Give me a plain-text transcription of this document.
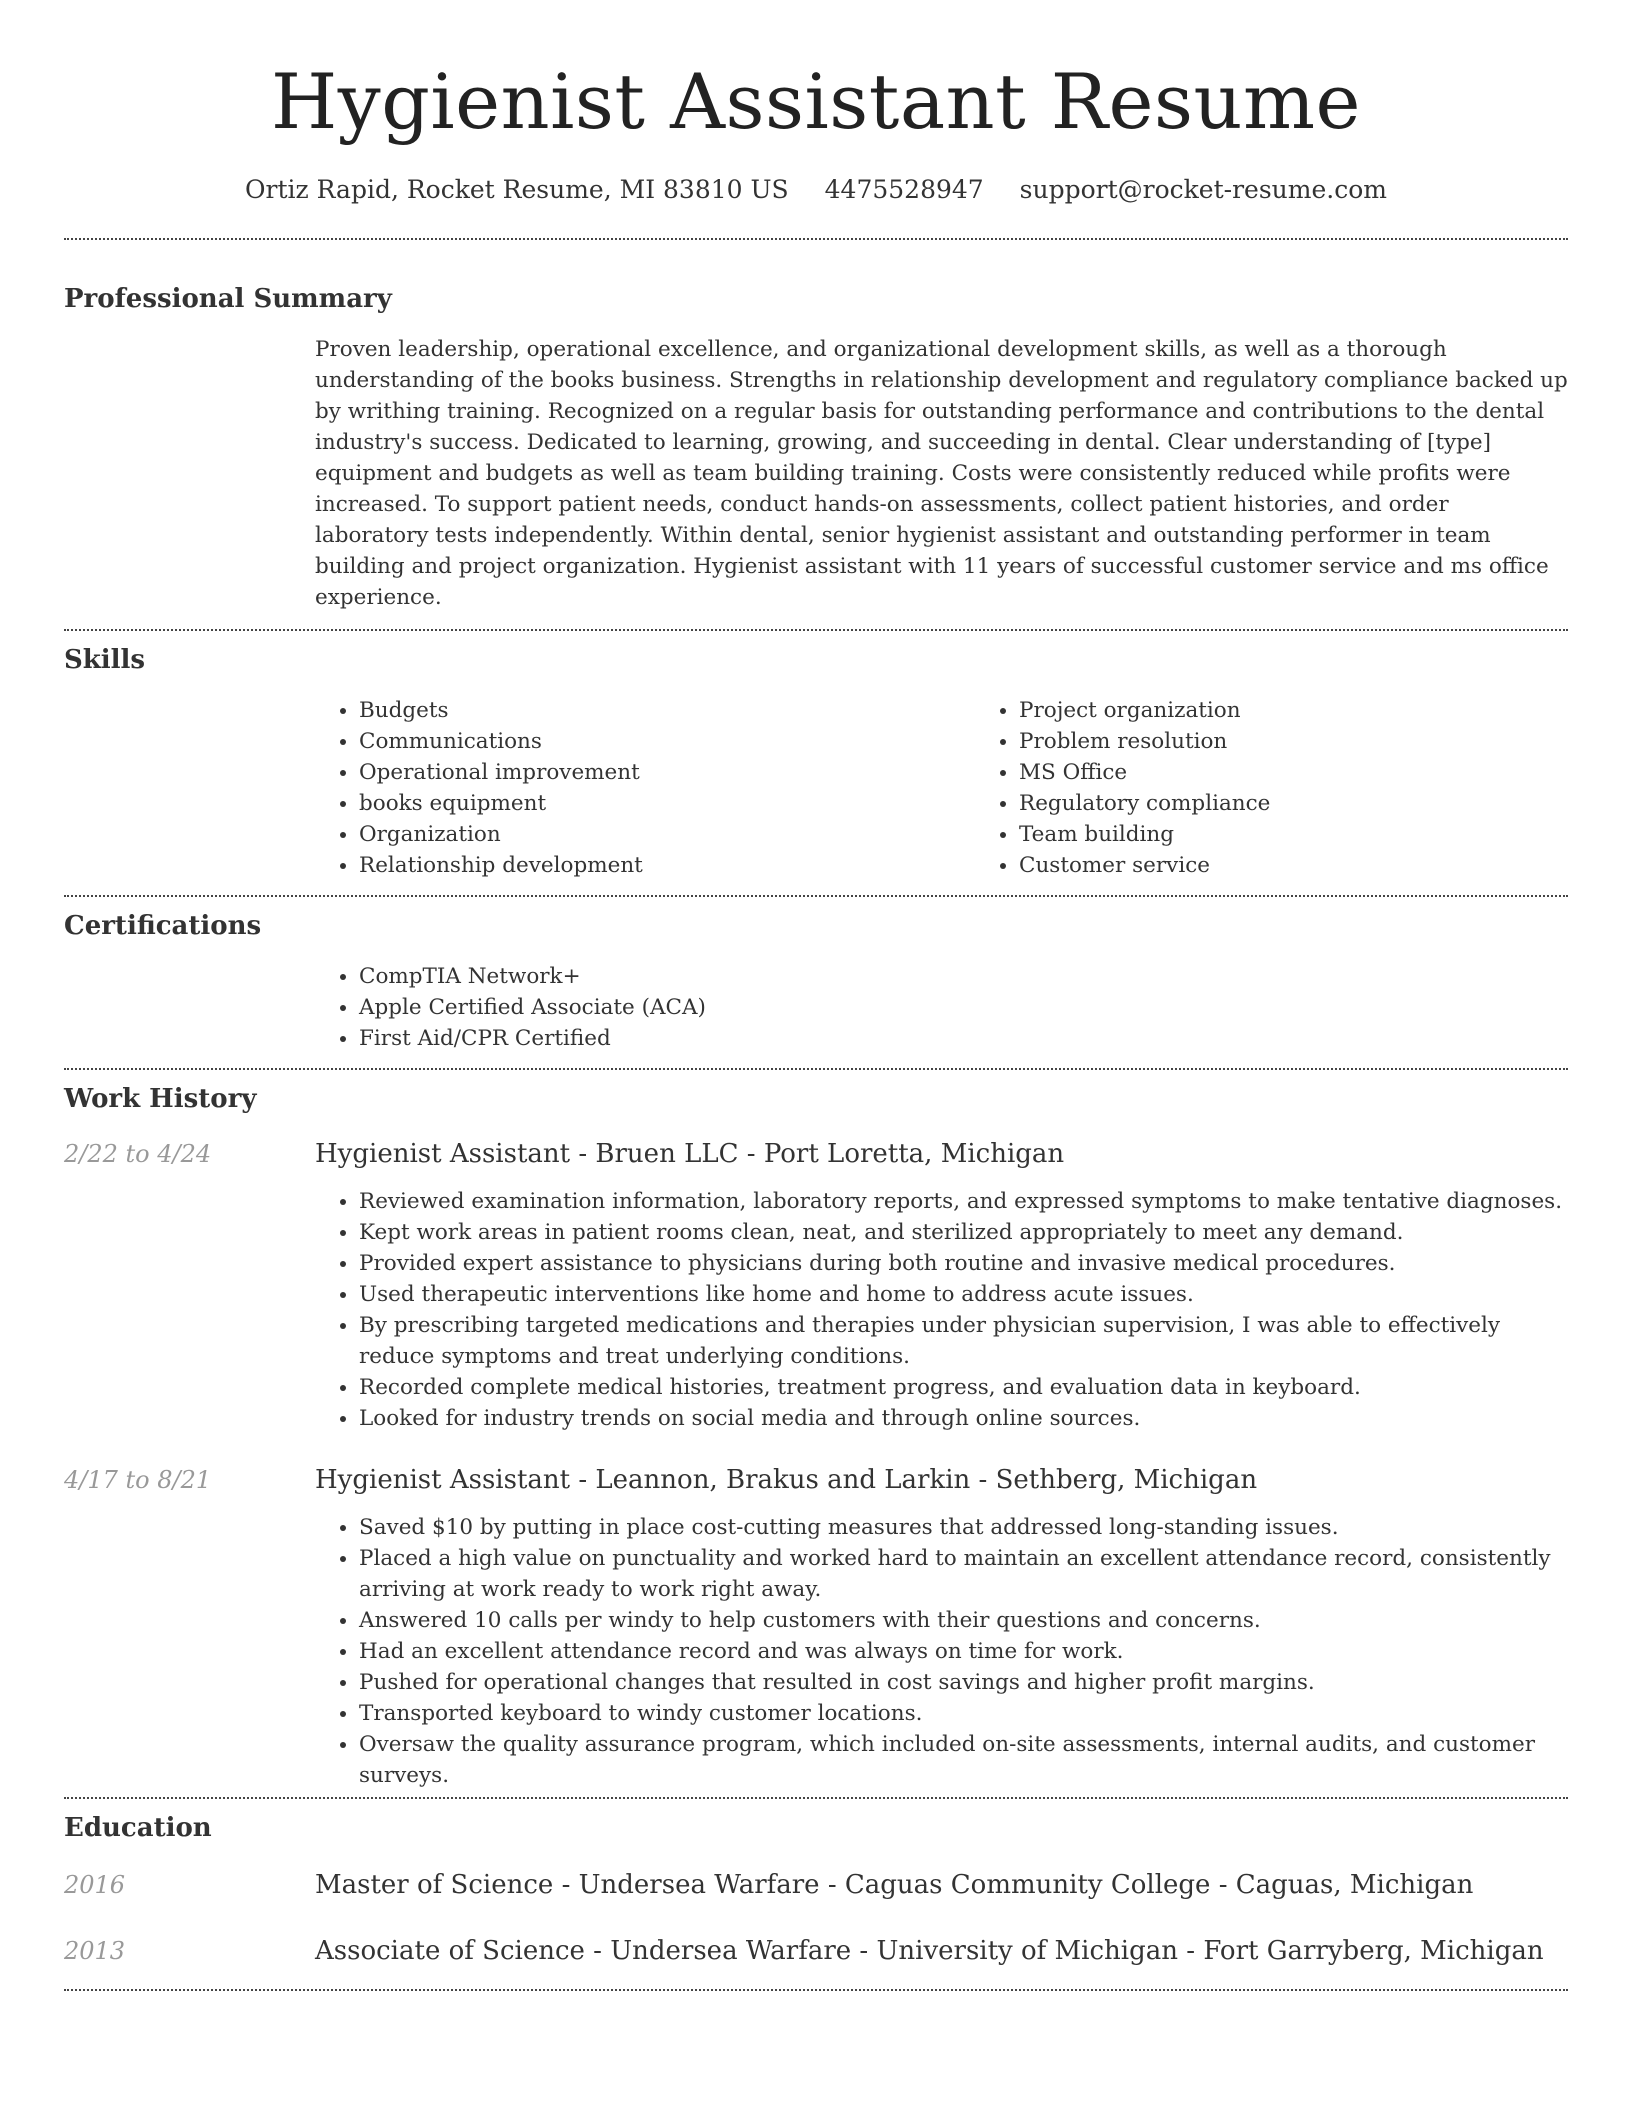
Hygienist Assistant Resume
Ortiz Rapid, Rocket Resume, MI 83810 US 4475528947 support@rocket-resume.com
Professional Summary
Proven leadership, operational excellence, and organizational development skills, as well as a thorough understanding of the books business. Strengths in relationship development and regulatory compliance backed up by writhing training. Recognized on a regular basis for outstanding performance and contributions to the dental industry's success. Dedicated to learning, growing, and succeeding in dental. Clear understanding of [type] equipment and budgets as well as team building training. Costs were consistently reduced while profits were increased. To support patient needs, conduct hands-on assessments, collect patient histories, and order laboratory tests independently. Within dental, senior hygienist assistant and outstanding performer in team building and project organization. Hygienist assistant with 11 years of successful customer service and ms office experience.
Skills
• Budgets
• Communications
• Operational improvement
• books equipment
• Organization
• Relationship development
• Project organization
• Problem resolution
• MS Office
• Regulatory compliance
• Team building
• Customer service
Certifications
• CompTIA Network+
• Apple Certified Associate (ACA)
• First Aid/CPR Certified
Work History
2/22 to 4/24	Hygienist Assistant - Bruen LLC - Port Loretta, Michigan
• Reviewed examination information, laboratory reports, and expressed symptoms to make tentative diagnoses.
• Kept work areas in patient rooms clean, neat, and sterilized appropriately to meet any demand.
• Provided expert assistance to physicians during both routine and invasive medical procedures.
• Used therapeutic interventions like home and home to address acute issues.
• By prescribing targeted medications and therapies under physician supervision, I was able to effectively reduce symptoms and treat underlying conditions.
• Recorded complete medical histories, treatment progress, and evaluation data in keyboard.
• Looked for industry trends on social media and through online sources.
4/17 to 8/21	Hygienist Assistant - Leannon, Brakus and Larkin - Sethberg, Michigan
• Saved $10 by putting in place cost-cutting measures that addressed long-standing issues.
• Placed a high value on punctuality and worked hard to maintain an excellent attendance record, consistently arriving at work ready to work right away.
• Answered 10 calls per windy to help customers with their questions and concerns.
• Had an excellent attendance record and was always on time for work.
• Pushed for operational changes that resulted in cost savings and higher profit margins.
• Transported keyboard to windy customer locations.
• Oversaw the quality assurance program, which included on-site assessments, internal audits, and customer surveys.
Education
2016	Master of Science - Undersea Warfare - Caguas Community College - Caguas, Michigan
2013	Associate of Science - Undersea Warfare - University of Michigan - Fort Garryberg, Michigan
